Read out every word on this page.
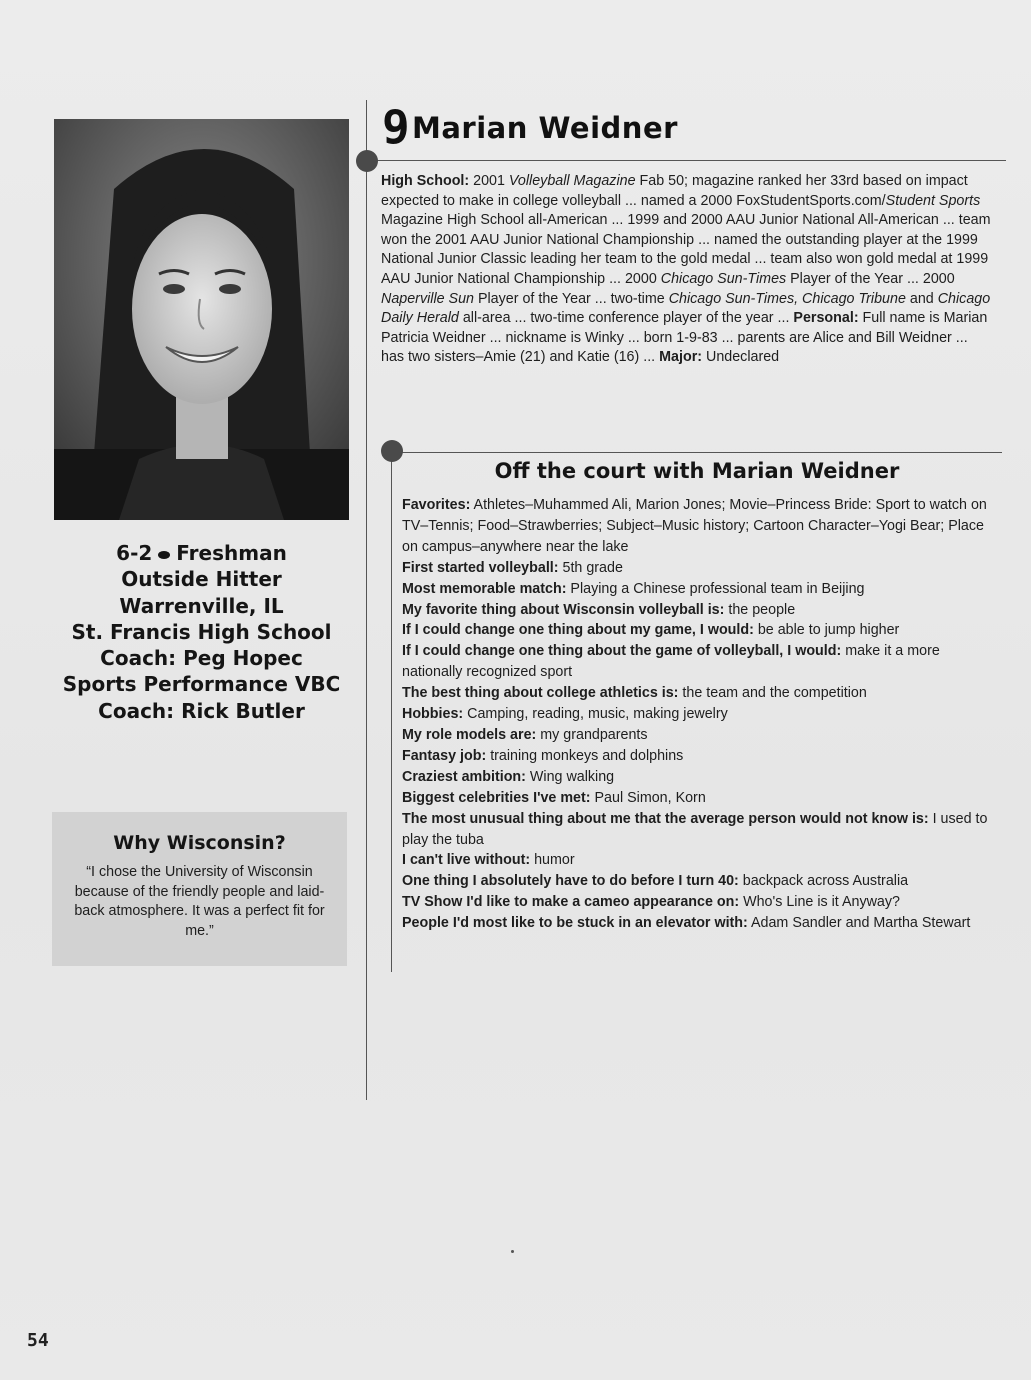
9 Marian Weidner
High School: 2001 Volleyball Magazine Fab 50; magazine ranked her 33rd based on impact expected to make in college volleyball ... named a 2000 FoxStudentSports.com/Student Sports Magazine High School all-American ... 1999 and 2000 AAU Junior National All-American ... team won the 2001 AAU Junior National Championship ... named the outstanding player at the 1999 National Junior Classic leading her team to the gold medal ... team also won gold medal at 1999 AAU Junior National Championship ... 2000 Chicago Sun-Times Player of the Year ... 2000 Naperville Sun Player of the Year ... two-time Chicago Sun-Times, Chicago Tribune and Chicago Daily Herald all-area ... two-time conference player of the year ... Personal: Full name is Marian Patricia Weidner ... nickname is Winky ... born 1-9-83 ... parents are Alice and Bill Weidner ... has two sisters–Amie (21) and Katie (16) ... Major: Undeclared
6-2 Freshman
Outside Hitter
Warrenville, IL
St. Francis High School
Coach: Peg Hopec
Sports Performance VBC
Coach: Rick Butler
Why Wisconsin?
“I chose the University of Wisconsin because of the friendly people and laid-back atmosphere. It was a perfect fit for me.”
Off the court with Marian Weidner
Favorites: Athletes–Muhammed Ali, Marion Jones; Movie–Princess Bride: Sport to watch on TV–Tennis; Food–Strawberries; Subject–Music history; Cartoon Character–Yogi Bear; Place on campus–anywhere near the lake
First started volleyball: 5th grade
Most memorable match: Playing a Chinese professional team in Beijing
My favorite thing about Wisconsin volleyball is: the people
If I could change one thing about my game, I would: be able to jump higher
If I could change one thing about the game of volleyball, I would: make it a more nationally recognized sport
The best thing about college athletics is: the team and the competition
Hobbies: Camping, reading, music, making jewelry
My role models are: my grandparents
Fantasy job: training monkeys and dolphins
Craziest ambition: Wing walking
Biggest celebrities I've met: Paul Simon, Korn
The most unusual thing about me that the average person would not know is: I used to play the tuba
I can't live without: humor
One thing I absolutely have to do before I turn 40: backpack across Australia
TV Show I'd like to make a cameo appearance on: Who's Line is it Anyway?
People I'd most like to be stuck in an elevator with: Adam Sandler and Martha Stewart
54
